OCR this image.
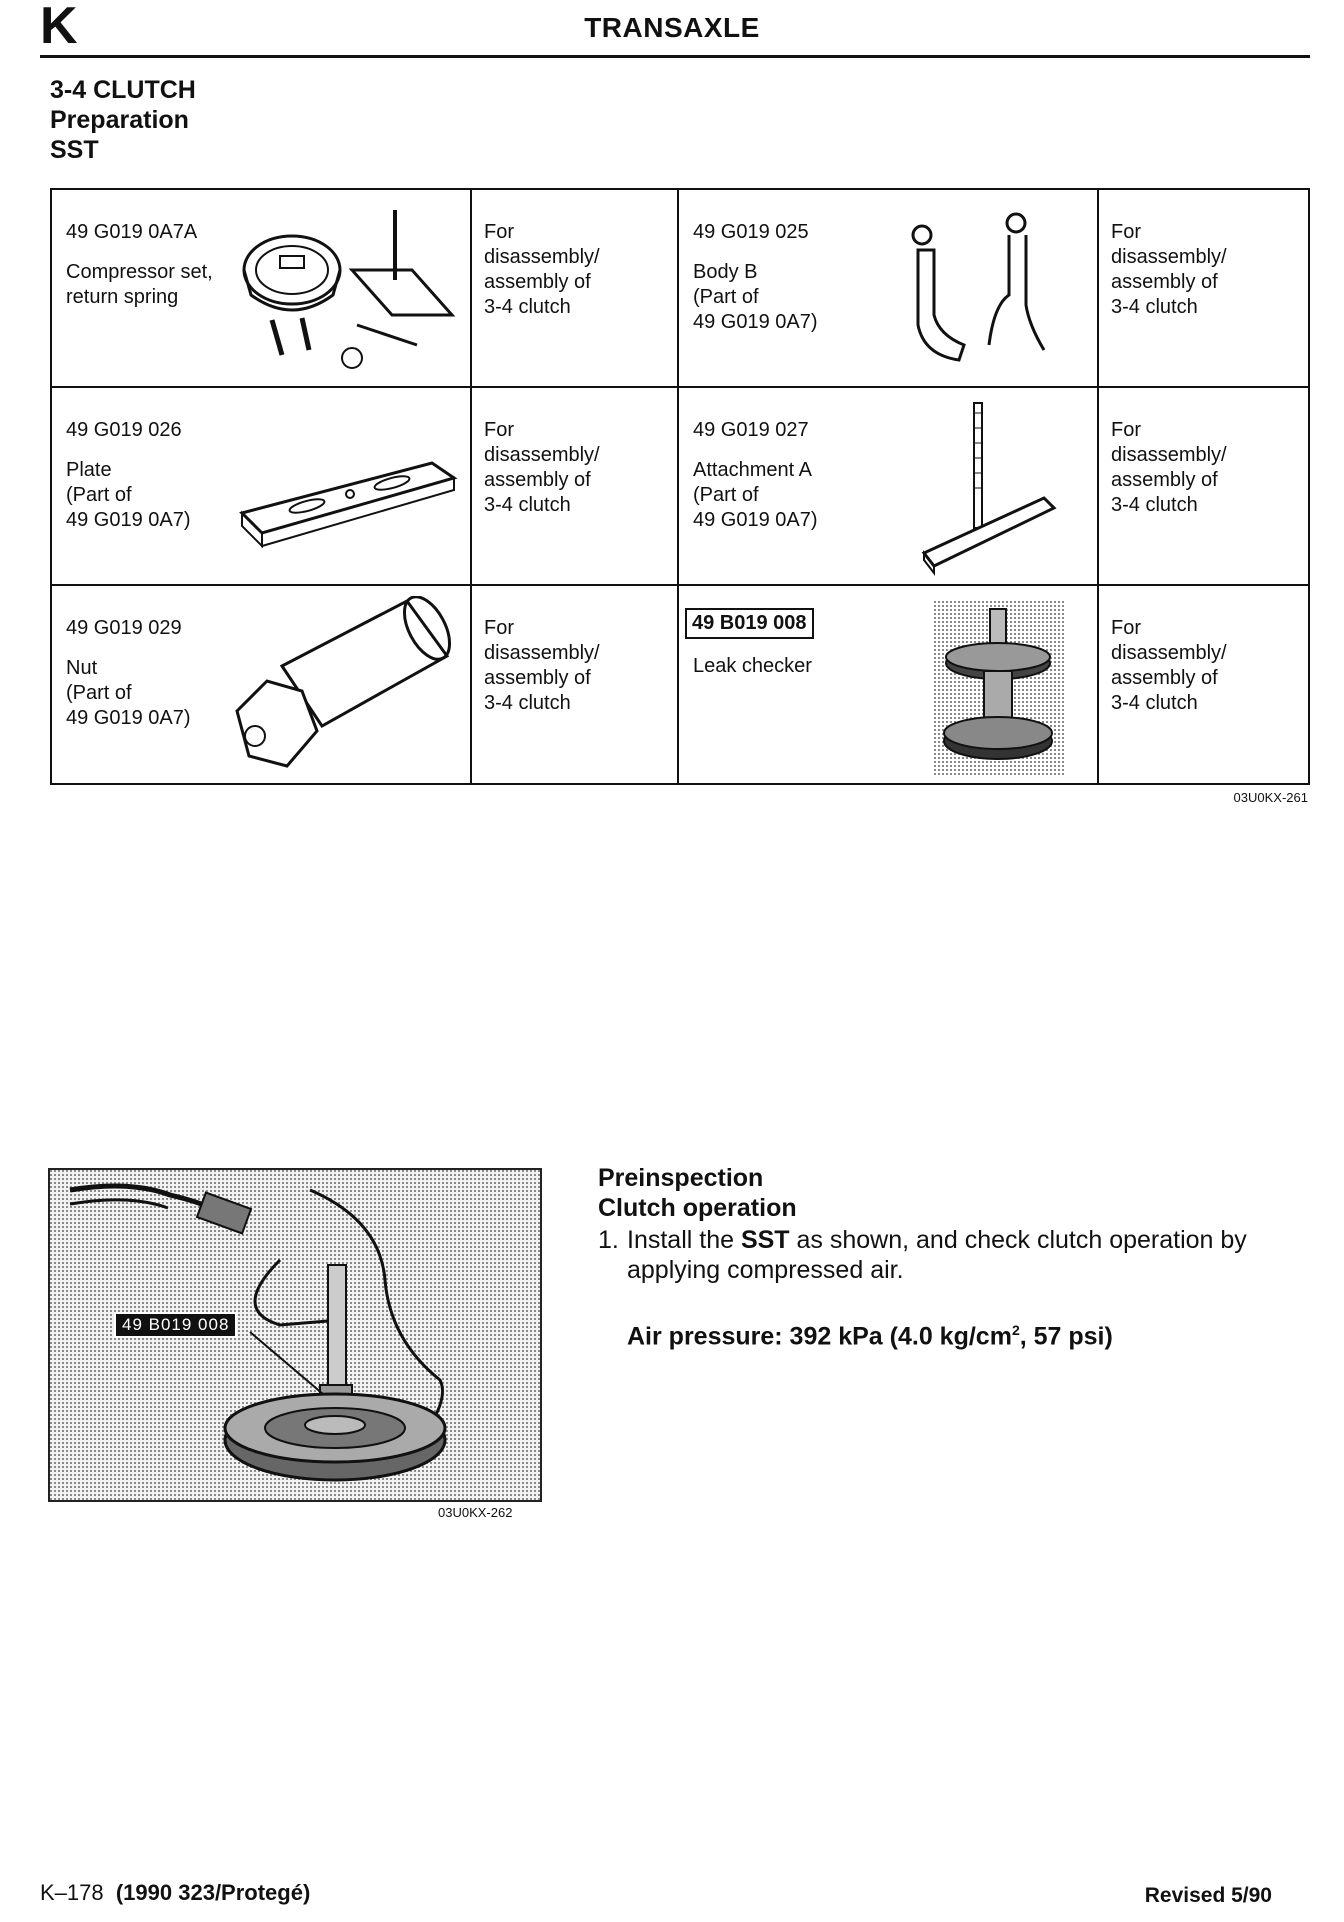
K	TRANSAXLE
3-4 CLUTCH
Preparation
SST
49 G019 0A7A
Compressor set,
return spring	For
disassembly/
assembly of
3-4 clutch	49 G019 025
Body B
(Part of
49 G019 0A7)	For
disassembly/
assembly of
3-4 clutch

49 G019 026
Plate
(Part of
49 G019 0A7)	For
disassembly/
assembly of
3-4 clutch	49 G019 027
Attachment A
(Part of
49 G019 0A7)	For
disassembly/
assembly of
3-4 clutch

49 G019 029
Nut
(Part of
49 G019 0A7)	For
disassembly/
assembly of
3-4 clutch	49 B019 008
Leak checker	For
disassembly/
assembly of
3-4 clutch
03U0KX-261
49 B019 008
03U0KX-262
Preinspection
Clutch operation
1. Install the SST as shown, and check clutch operation by
applying compressed air.
Air pressure: 392 kPa (4.0 $kg/cm^2$, 57 psi)
K–178 (1990 323/Protegé)	Revised 5/90
